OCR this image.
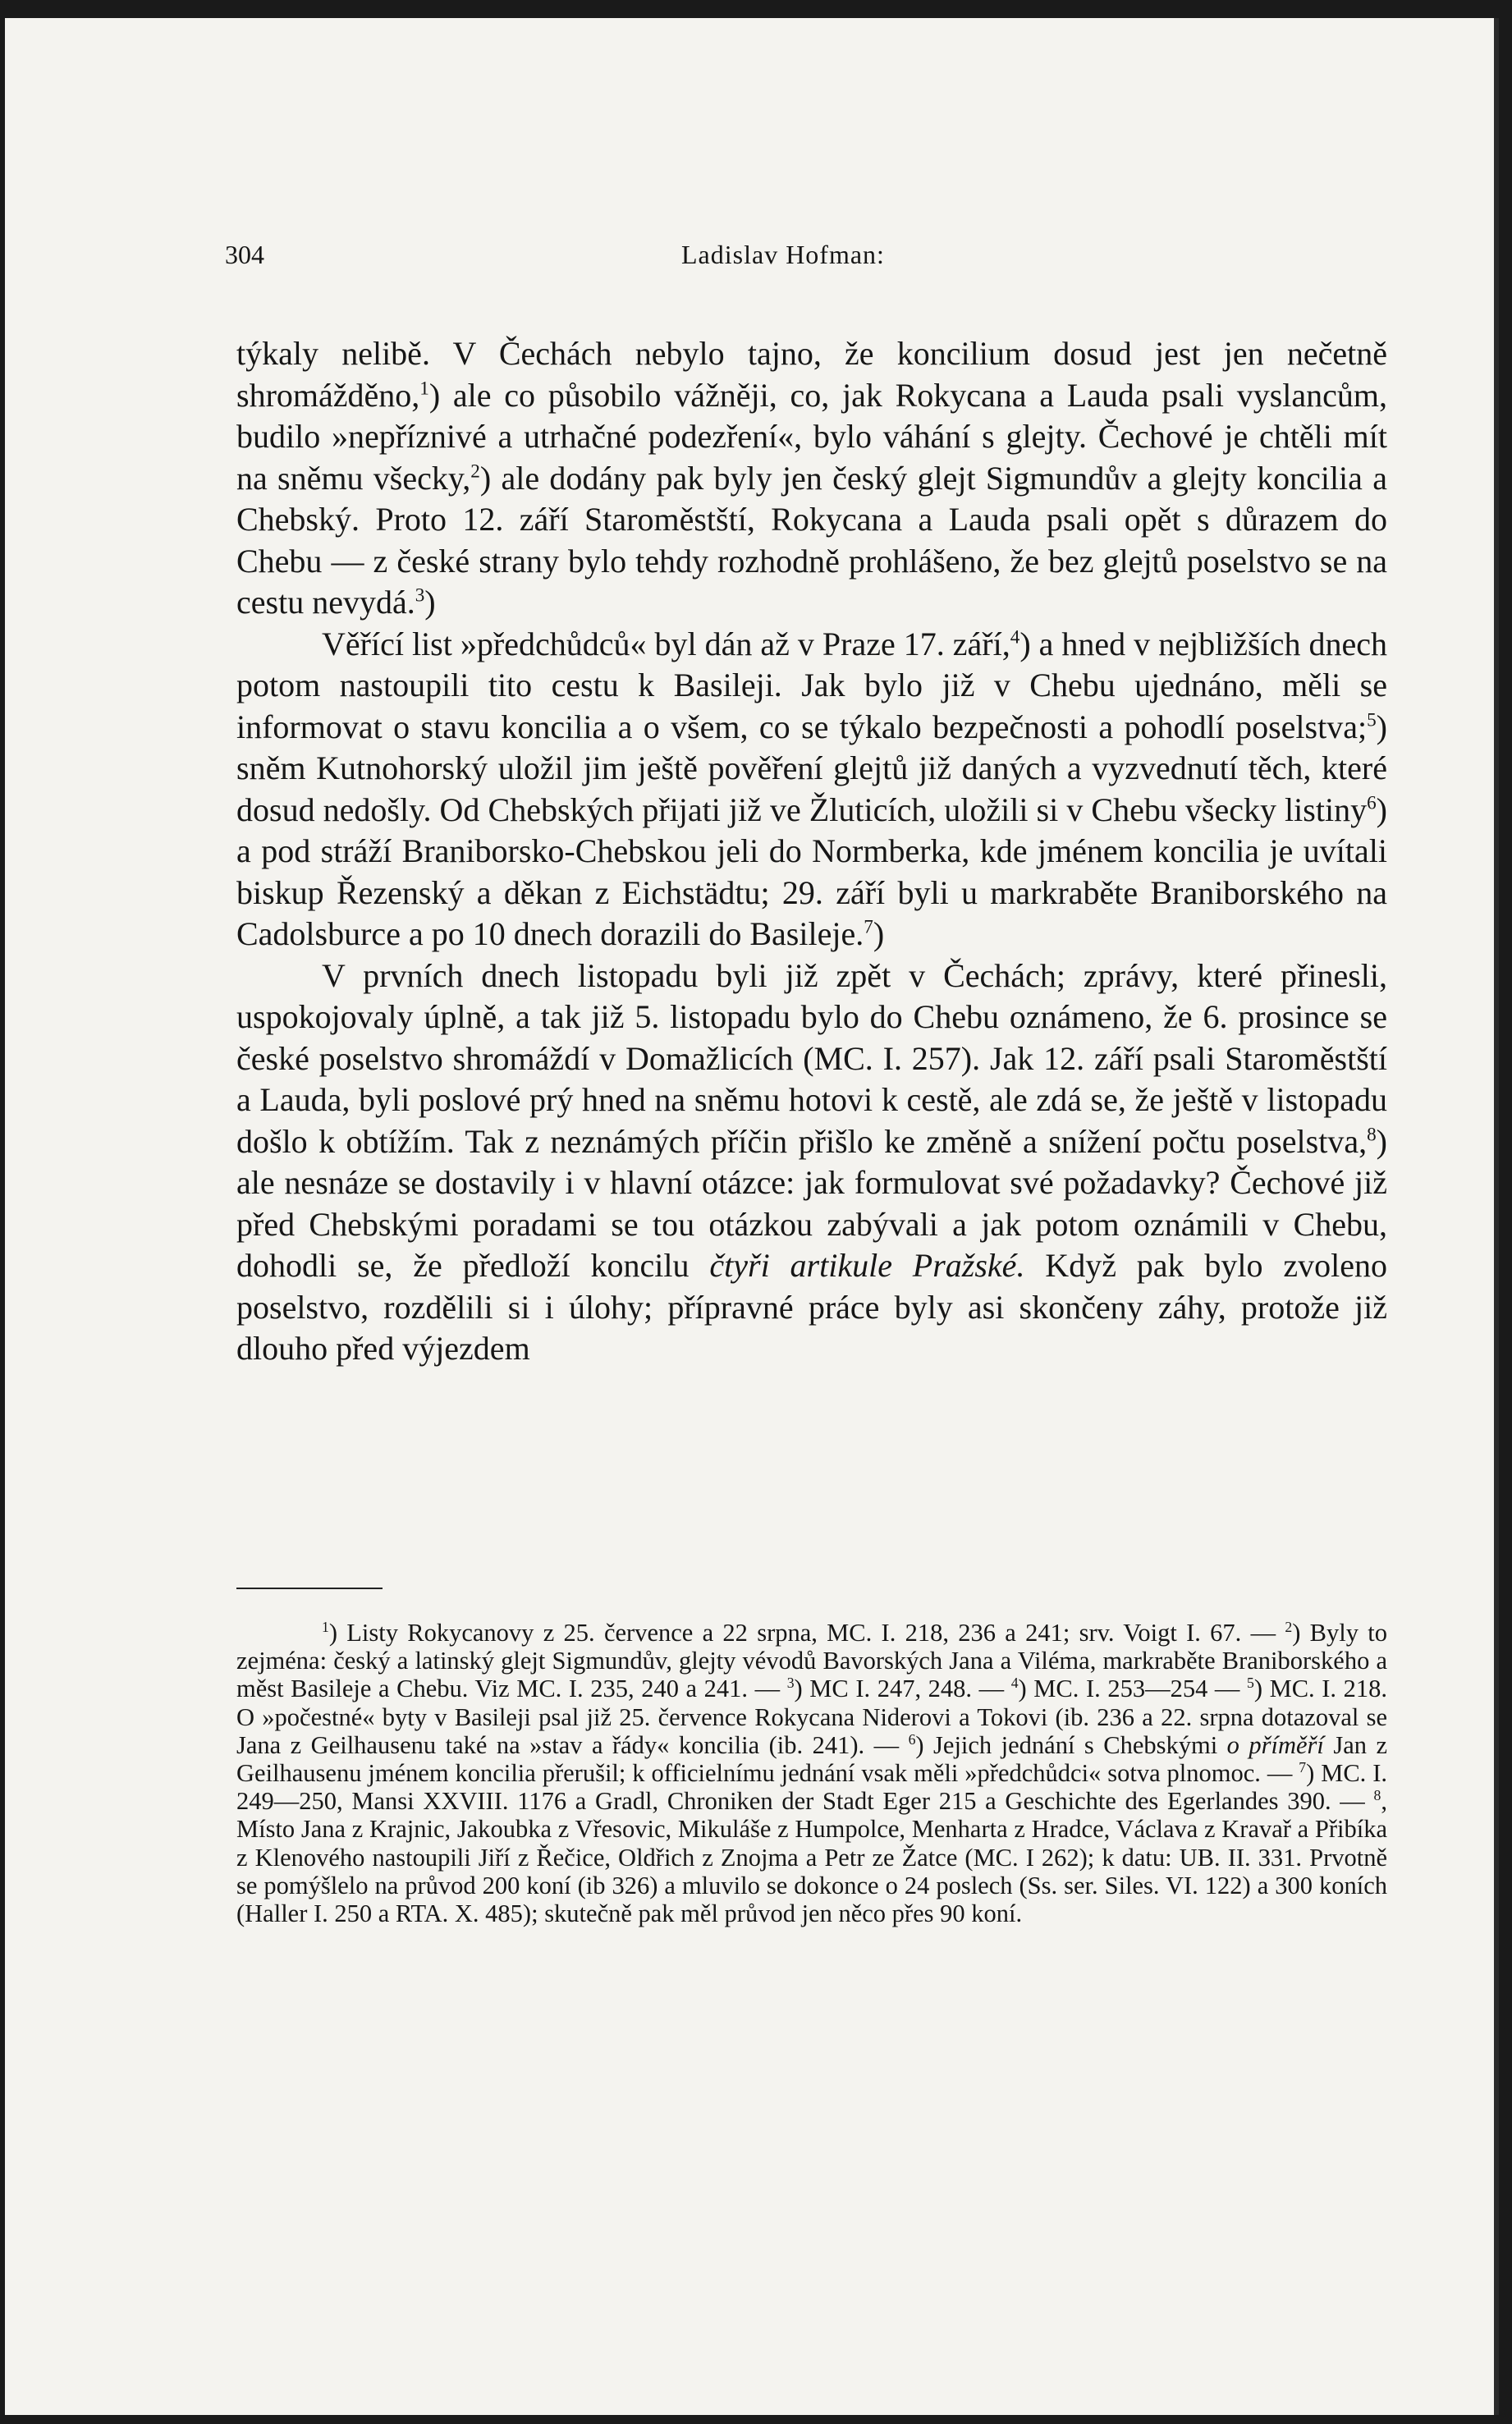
304	Ladislav Hofman:

týkaly nelibě. V Čechách nebylo tajno, že koncilium dosud jest jen nečetně shromážděno,$^1$) ale co působilo vážněji, co, jak Rokycana a Lauda psali vyslancům, budilo »nepříznivé a utrhačné podezření«, bylo váhání s glejty. Čechové je chtěli mít na sněmu všecky,$^2$) ale dodány pak byly jen český glejt Sigmundův a glejty koncilia a Chebský. Proto 12. září Staroměstští, Rokycana a Lauda psali opět s důrazem do Chebu — z české strany bylo tehdy rozhodně prohlášeno, že bez glejtů poselstvo se na cestu nevydá.$^3$)

Věřící list »předchůdců« byl dán až v Praze 17. září,$^4$) a hned v nejbližších dnech potom nastoupili tito cestu k Basileji. Jak bylo již v Chebu ujednáno, měli se informovat o stavu koncilia a o všem, co se týkalo bezpečnosti a pohodlí poselstva;$^5$) sněm Kutnohorský uložil jim ještě pověření glejtů již daných a vyzvednutí těch, které dosud nedošly. Od Chebských přijati již ve Žluticích, uložili si v Chebu všecky listiny$^6$) a pod stráží Braniborsko-Chebskou jeli do Normberka, kde jménem koncilia je uvítali biskup Řezenský a děkan z Eichstädtu; 29. září byli u markraběte Braniborského na Cadolsburce a po 10 dnech dorazili do Basileje.$^7$)

V prvních dnech listopadu byli již zpět v Čechách; zprávy, které přinesli, uspokojovaly úplně, a tak již 5. listopadu bylo do Chebu oznámeno, že 6. prosince se české poselstvo shromáždí v Domažlicích (MC. I. 257). Jak 12. září psali Staroměstští a Lauda, byli poslové prý hned na sněmu hotovi k cestě, ale zdá se, že ještě v listopadu došlo k obtížím. Tak z neznámých příčin přišlo ke změně a snížení počtu poselstva,$^8$) ale nesnáze se dostavily i v hlavní otázce: jak formulovat své požadavky? Čechové již před Chebskými poradami se tou otázkou zabývali a jak potom oznámili v Chebu, dohodli se, že předloží koncilu čtyři artikule Pražské. Když pak bylo zvoleno poselstvo, rozdělili si i úlohy; přípravné práce byly asi skončeny záhy, protože již dlouho před výjezdem

$^1$) Listy Rokycanovy z 25. července a 22 srpna, MC. I. 218, 236 a 241; srv. Voigt I. 67. — $^2$) Byly to zejména: český a latinský glejt Sigmundův, glejty vévodů Bavorských Jana a Viléma, markraběte Braniborského a měst Basileje a Chebu. Viz MC. I. 235, 240 a 241. — $^3$) MC I. 247, 248. — $^4$) MC. I. 253—254 — $^5$) MC. I. 218. O »počestné« byty v Basileji psal již 25. července Rokycana Niderovi a Tokovi (ib. 236 a 22. srpna dotazoval se Jana z Geilhausenu také na »stav a řády« koncilia (ib. 241). — $^6$) Jejich jednání s Chebskými o příměří Jan z Geilhausenu jménem koncilia přerušil; k officielnímu jednání vsak měli »předchůdci« sotva plnomoc. — $^7$) MC. I. 249—250, Mansi XXVIII. 1176 a Gradl, Chroniken der Stadt Eger 215 a Geschichte des Egerlandes 390. — $^8$, Místo Jana z Krajnic, Jakoubka z Vřesovic, Mikuláše z Humpolce, Menharta z Hradce, Václava z Kravař a Přibíka z Klenového nastoupili Jiří z Řečice, Oldřich z Znojma a Petr ze Žatce (MC. I 262); k datu: UB. II. 331. Prvotně se pomýšlelo na průvod 200 koní (ib 326) a mluvilo se dokonce o 24 poslech (Ss. ser. Siles. VI. 122) a 300 koních (Haller I. 250 a RTA. X. 485); skutečně pak měl průvod jen něco přes 90 koní.
